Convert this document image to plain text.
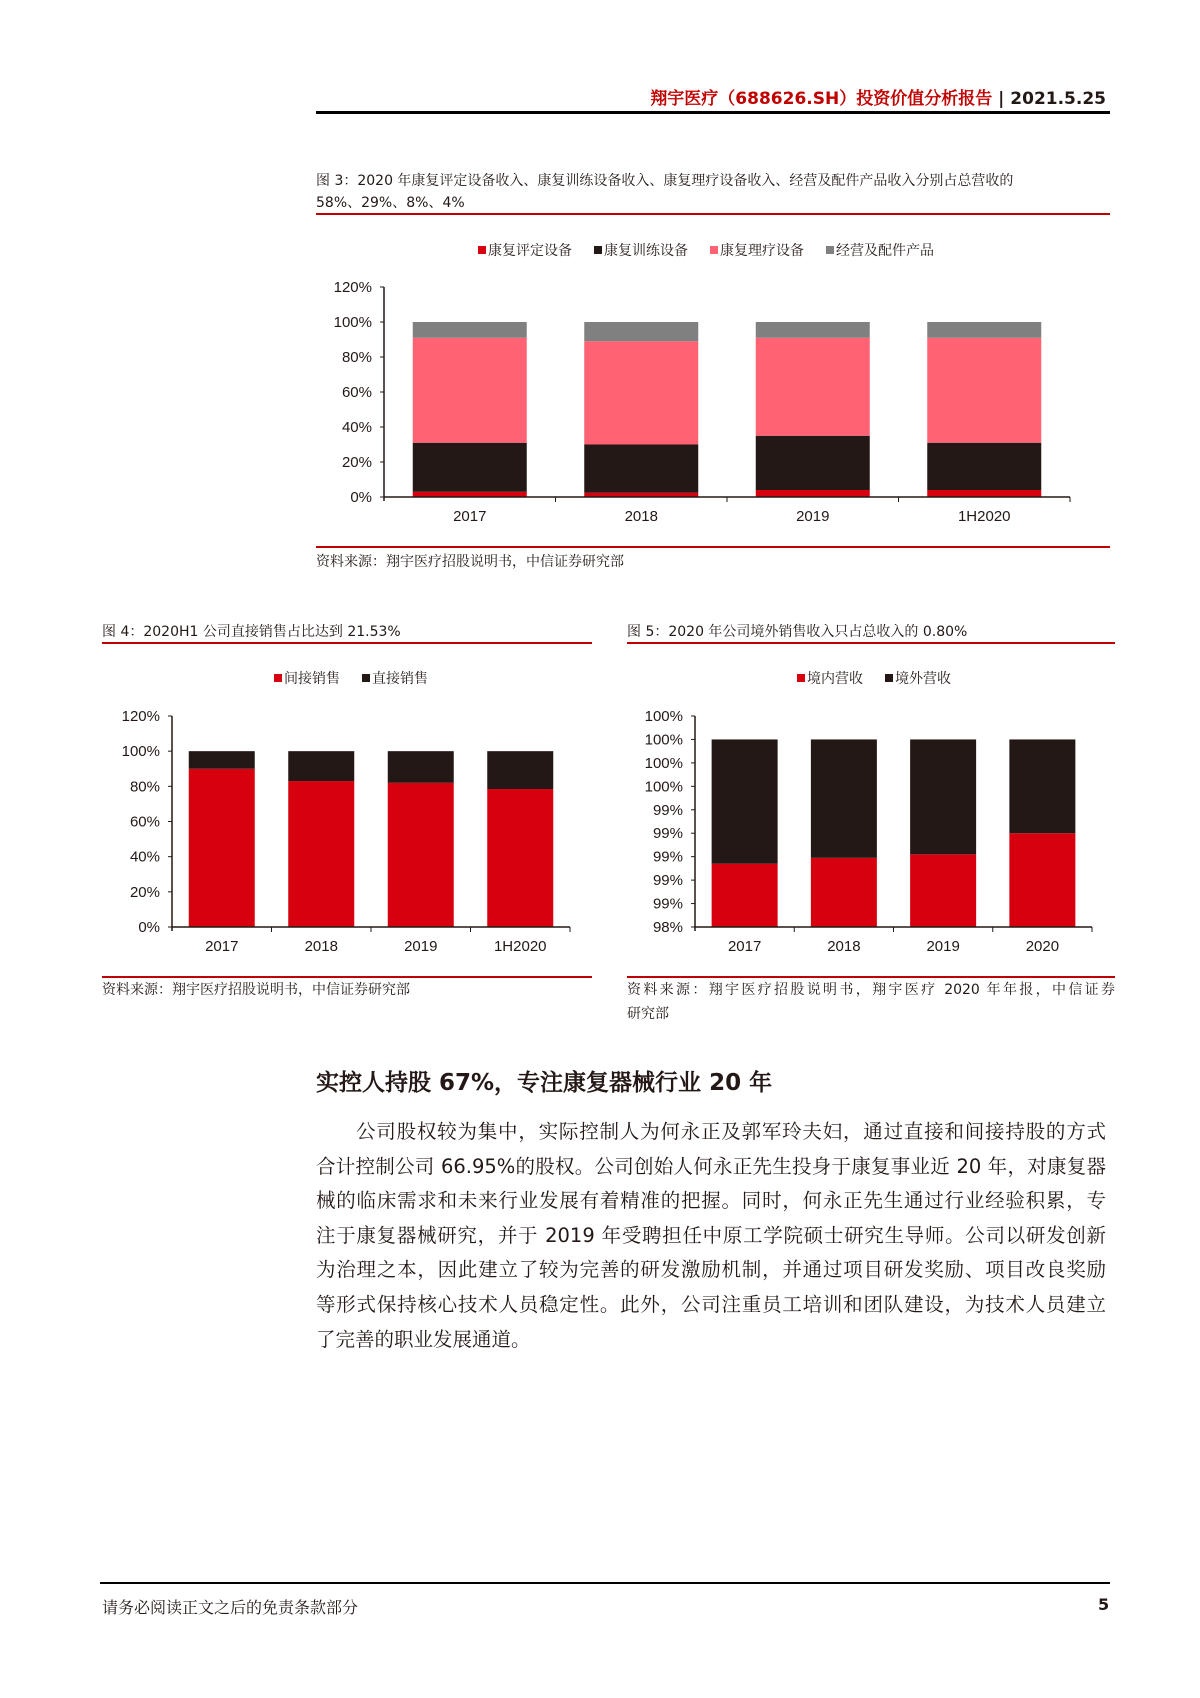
翔宇医疗（688626.SH）投资价值分析报告 | 2021.5.25
图 3：2020 年康复评定设备收入、康复训练设备收入、康复理疗设备收入、经营及配件产品收入分别占总营收的
58%、29%、8%、4%
康复评定设备	康复训练设备	康复理疗设备	经营及配件产品
2017	2018	2019	1H2020
0%
20%
40%
60%
80%
100%
120%
资料来源：翔宇医疗招股说明书，中信证券研究部
图 4：2020H1 公司直接销售占比达到 21.53%
间接销售	直接销售
2017	2018	2019	1H2020
0%
20%
40%
60%
80%
100%
120%
资料来源：翔宇医疗招股说明书，中信证券研究部
图 5：2020 年公司境外销售收入只占总收入的 0.80%
境内营收	境外营收
2017	2018	2019	2020
98%
99%
99%
99%
99%
99%
100%
100%
100%
100%
资料来源：翔宇医疗招股说明书，翔宇医疗 2020 年年报，中信证券
研究部
实控人持股 67%，专注康复器械行业 20 年
公司股权较为集中，实际控制人为何永正及郭军玲夫妇，通过直接和间接持股的方式
合计控制公司 66.95%的股权。公司创始人何永正先生投身于康复事业近 20 年，对康复器
械的临床需求和未来行业发展有着精准的把握。同时，何永正先生通过行业经验积累，专
注于康复器械研究，并于 2019 年受聘担任中原工学院硕士研究生导师。公司以研发创新
为治理之本，因此建立了较为完善的研发激励机制，并通过项目研发奖励、项目改良奖励
等形式保持核心技术人员稳定性。此外，公司注重员工培训和团队建设，为技术人员建立
了完善的职业发展通道。
请务必阅读正文之后的免责条款部分	5
